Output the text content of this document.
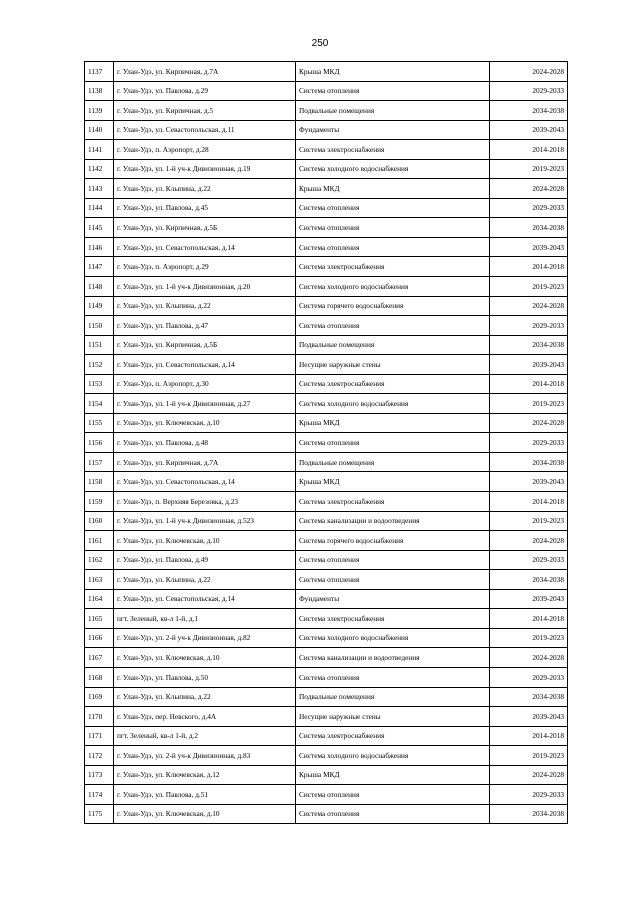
250
1137	г. Улан-Удэ, ул. Кирпичная, д.7А	Крыша МКД	2024-2028
1138	г. Улан-Удэ, ул. Павлова, д.29	Система отопления	2029-2033
1139	г. Улан-Удэ, ул. Кирпичная, д.5	Подвальные помещения	2034-2038
1140	г. Улан-Удэ, ул. Севастопольская, д.11	Фундаменты	2039-2043
1141	г. Улан-Удэ, п. Аэропорт, д.28	Система электроснабжения	2014-2018
1142	г. Улан-Удэ, ул. 1-й уч-к Дивизионная, д.19	Система холодного водоснабжения	2019-2023
1143	г. Улан-Удэ, ул. Клыпина, д.22	Крыша МКД	2024-2028
1144	г. Улан-Удэ, ул. Павлова, д.45	Система отопления	2029-2033
1145	г. Улан-Удэ, ул. Кирпичная, д.5Б	Система отопления	2034-2038
1146	г. Улан-Удэ, ул. Севастопольская, д.14	Система отопления	2039-2043
1147	г. Улан-Удэ, п. Аэропорт, д.29	Система электроснабжения	2014-2018
1148	г. Улан-Удэ, ул. 1-й уч-к Дивизионная, д.20	Система холодного водоснабжения	2019-2023
1149	г. Улан-Удэ, ул. Клыпина, д.22	Система горячего водоснабжения	2024-2028
1150	г. Улан-Удэ, ул. Павлова, д.47	Система отопления	2029-2033
1151	г. Улан-Удэ, ул. Кирпичная, д.5Б	Подвальные помещения	2034-2038
1152	г. Улан-Удэ, ул. Севастопольская, д.14	Несущие наружные стены	2039-2043
1153	г. Улан-Удэ, п. Аэропорт, д.30	Система электроснабжения	2014-2018
1154	г. Улан-Удэ, ул. 1-й уч-к Дивизионная, д.27	Система холодного водоснабжения	2019-2023
1155	г. Улан-Удэ, ул. Ключевская, д.10	Крыша МКД	2024-2028
1156	г. Улан-Удэ, ул. Павлова, д.48	Система отопления	2029-2033
1157	г. Улан-Удэ, ул. Кирпичная, д.7А	Подвальные помещения	2034-2038
1158	г. Улан-Удэ, ул. Севастопольская, д.14	Крыша МКД	2039-2043
1159	г. Улан-Удэ, п. Верхняя Березовка, д.23	Система электроснабжения	2014-2018
1160	г. Улан-Удэ, ул. 1-й уч-к Дивизионная, д.523	Система канализации и водоотведения	2019-2023
1161	г. Улан-Удэ, ул. Ключевская, д.10	Система горячего водоснабжения	2024-2028
1162	г. Улан-Удэ, ул. Павлова, д.49	Система отопления	2029-2033
1163	г. Улан-Удэ, ул. Клыпина, д.22	Система отопления	2034-2038
1164	г. Улан-Удэ, ул. Севастопольская, д.14	Фундаменты	2039-2043
1165	пгт. Зеленый, кв-л 1-й, д.1	Система электроснабжения	2014-2018
1166	г. Улан-Удэ, ул. 2-й уч-к Дивизионная, д.82	Система холодного водоснабжения	2019-2023
1167	г. Улан-Удэ, ул. Ключевская, д.10	Система канализации и водоотведения	2024-2028
1168	г. Улан-Удэ, ул. Павлова, д.50	Система отопления	2029-2033
1169	г. Улан-Удэ, ул. Клыпина, д.22	Подвальные помещения	2034-2038
1170	г. Улан-Удэ, пер. Невского, д.4А	Несущие наружные стены	2039-2043
1171	пгт. Зеленый, кв-л 1-й, д.2	Система электроснабжения	2014-2018
1172	г. Улан-Удэ, ул. 2-й уч-к Дивизионная, д.83	Система холодного водоснабжения	2019-2023
1173	г. Улан-Удэ, ул. Ключевская, д.12	Крыша МКД	2024-2028
1174	г. Улан-Удэ, ул. Павлова, д.51	Система отопления	2029-2033
1175	г. Улан-Удэ, ул. Ключевская, д.10	Система отопления	2034-2038
